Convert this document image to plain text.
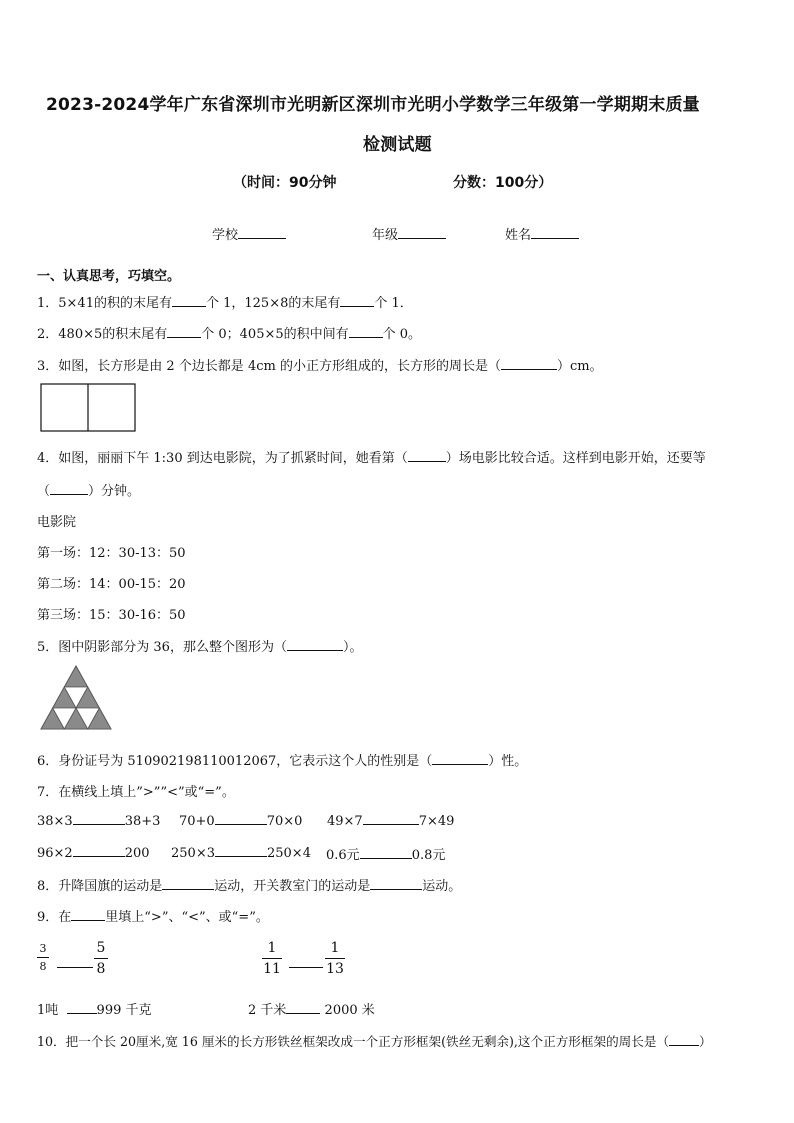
2023-2024学年广东省深圳市光明新区深圳市光明小学数学三年级第一学期期末质量
检测试题
（时间：90分钟	分数：100分）
学校	年级	姓名
一、认真思考，巧填空。
1．5×41的积的末尾有	个 1，125×8的末尾有	个 1．
2．480×5的积末尾有	个 0；405×5的积中间有	个 0。
3．如图，长方形是由 2 个边长都是 4cm 的小正方形组成的，长方形的周长是（	）cm。
4．如图，丽丽下午 1:30 到达电影院，为了抓紧时间，她看第（	）场电影比较合适。这样到电影开始，还要等
（	）分钟。
电影院
第一场：12：30-13：50
第二场：14：00-15：20
第三场：15：30-16：50
5．图中阴影部分为 36，那么整个图形为（	）。
6．身份证号为 510902198110012067，它表示这个人的性别是（	）性。
7．在横线上填上”>””<”或“=”。
38×3	38+3 70+0	70×0 49×7	7×49
96×2	200 250×3	250×4 0.6元	0.8元
8．升降国旗的运动是	运动，开关教室门的运动是	运动。
9．在	里填上“>”、“<”、或“=”。
3
8
5
8
1
11
1
13
1吨	999 千克	2 千米	2000 米
10．把一个长 20厘米,宽 16 厘米的长方形铁丝框架改成一个正方形框架(铁丝无剩余),这个正方形框架的周长是（ ）
